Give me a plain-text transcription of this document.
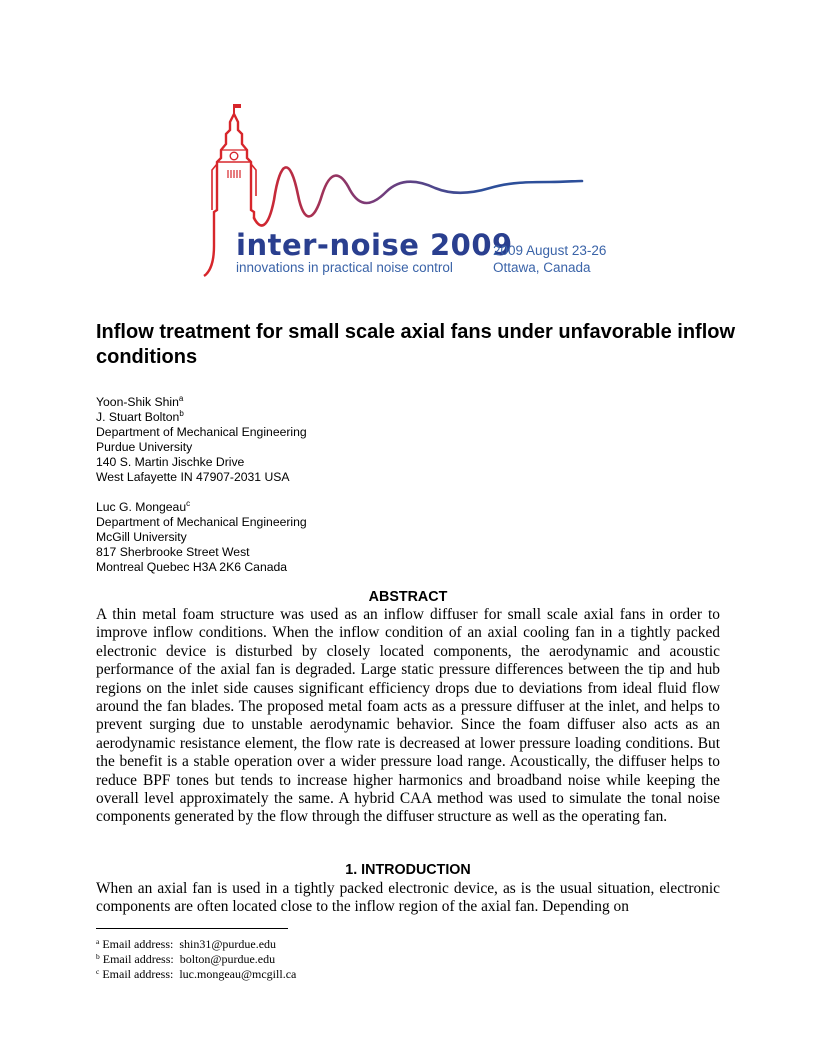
inter-noise 2009
innovations in practical noise control
2009 August 23-26
Ottawa, Canada
Inflow treatment for small scale axial fans under unfavorable inflow conditions
Yoon-Shik Shin$^a$
J. Stuart Bolton$^b$
Department of Mechanical Engineering
Purdue University
140 S. Martin Jischke Drive
West Lafayette IN 47907-2031 USA
Luc G. Mongeau$^c$
Department of Mechanical Engineering
McGill University
817 Sherbrooke Street West
Montreal Quebec H3A 2K6 Canada
ABSTRACT
A thin metal foam structure was used as an inflow diffuser for small scale axial fans in order to improve inflow conditions. When the inflow condition of an axial cooling fan in a tightly packed electronic device is disturbed by closely located components, the aerodynamic and acoustic performance of the axial fan is degraded. Large static pressure differences between the tip and hub regions on the inlet side causes significant efficiency drops due to deviations from ideal fluid flow around the fan blades. The proposed metal foam acts as a pressure diffuser at the inlet, and helps to prevent surging due to unstable aerodynamic behavior. Since the foam diffuser also acts as an aerodynamic resistance element, the flow rate is decreased at lower pressure loading conditions. But the benefit is a stable operation over a wider pressure load range. Acoustically, the diffuser helps to reduce BPF tones but tends to increase higher harmonics and broadband noise while keeping the overall level approximately the same. A hybrid CAA method was used to simulate the tonal noise components generated by the flow through the diffuser structure as well as the operating fan.
1. INTRODUCTION
When an axial fan is used in a tightly packed electronic device, as is the usual situation, electronic components are often located close to the inflow region of the axial fan. Depending on
$^a$ Email address: shin31@purdue.edu
$^b$ Email address: bolton@purdue.edu
$^c$ Email address: luc.mongeau@mcgill.ca
